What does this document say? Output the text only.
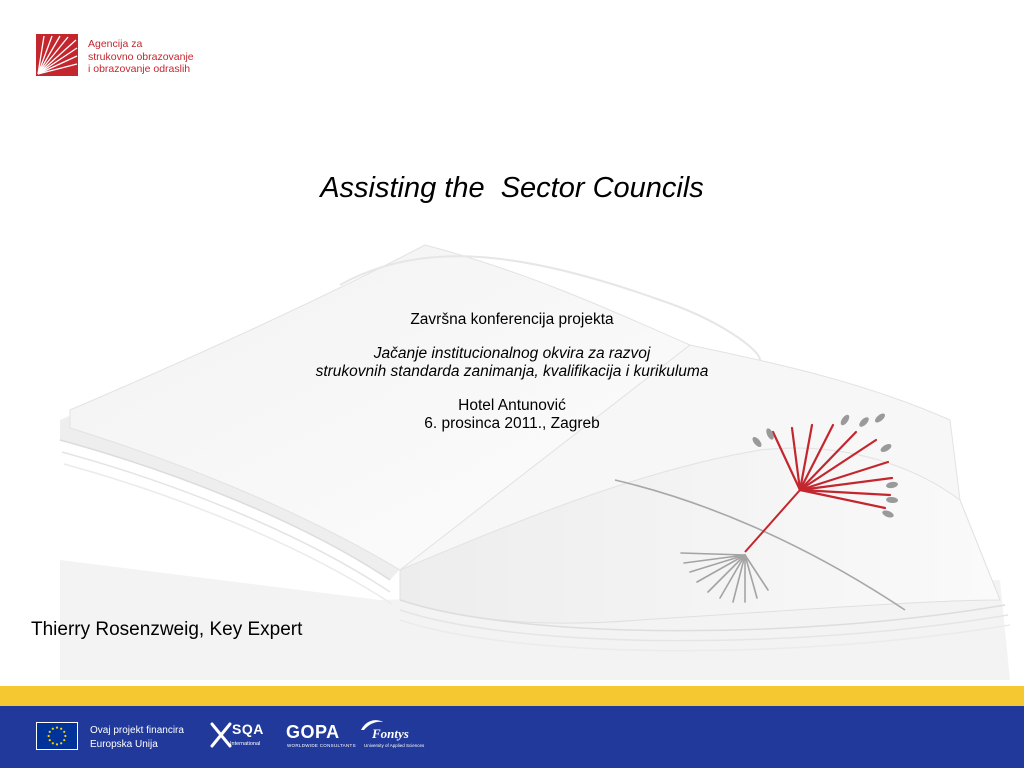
Agencija za
strukovno obrazovanje
i obrazovanje odraslih
Assisting the  Sector Councils
Završna konferencija projekta
Jačanje institucionalnog okvira za razvoj
strukovnih standarda zanimanja, kvalifikacija i kurikuluma
Hotel Antunović
6. prosinca 2011., Zagreb
Thierry Rosenzweig, Key Expert
Ovaj projekt financira
Europska Unija
SQA
International
GOPA
WORLDWIDE CONSULTANTS
Fontys
University of Applied Sciences
